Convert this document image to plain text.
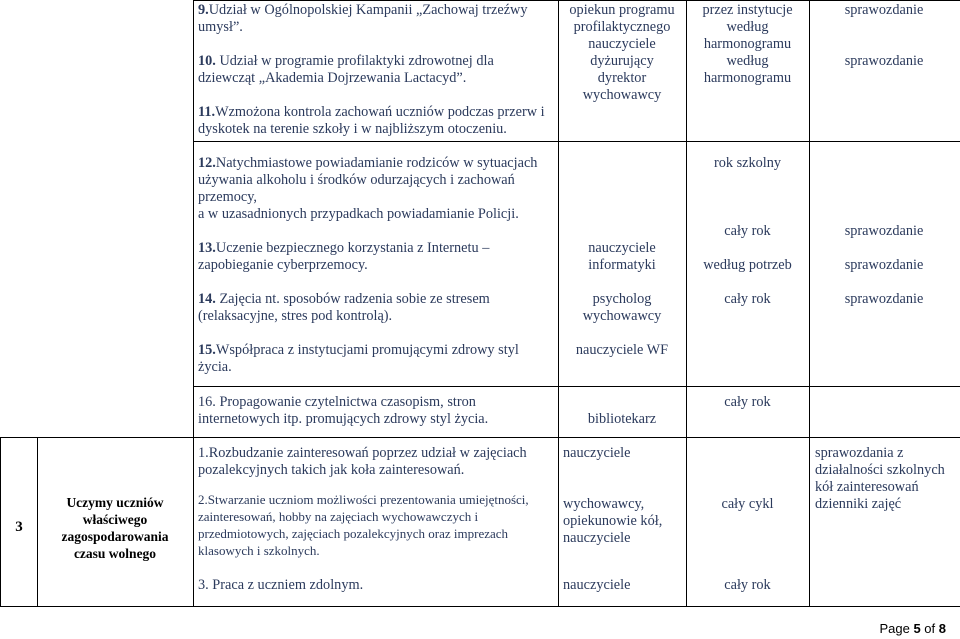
9.Udział w Ogólnopolskiej Kampanii „Zachowaj trzeźwy umysł”.

10. Udział w programie profilaktyki zdrowotnej dla dziewcząt „Akademia Dojrzewania Lactacyd”.

11.Wzmożona kontrola zachowań uczniów podczas przerw i dyskotek na terenie szkoły i w najbliższym otoczeniu.

opiekun programu profilaktycznego

nauczyciele dyżurujący

dyrektor wychowawcy

przez instytucje

według harmonogramu

według harmonogramu

sprawozdanie

sprawozdanie

12.Natychmiastowe powiadamianie rodziców w sytuacjach używania alkoholu i środków odurzających i zachowań przemocy,

a w uzasadnionych przypadkach powiadamianie Policji.

13.Uczenie bezpiecznego korzystania z Internetu – zapobieganie cyberprzemocy.

14. Zajęcia nt. sposobów radzenia sobie ze stresem (relaksacyjne, stres pod kontrolą).

15.Współpraca z instytucjami promującymi zdrowy styl życia.

nauczyciele informatyki

psycholog wychowawcy

nauczyciele WF

rok szkolny

cały rok

według potrzeb

cały rok

sprawozdanie

sprawozdanie

sprawozdanie

16. Propagowanie czytelnictwa czasopism, stron internetowych itp. promujących zdrowy styl życia.	bibliotekarz

cały rok

3
Uczymy uczniów właściwego zagospodarowania czasu wolnego

1.Rozbudzanie zainteresowań poprzez udział w zajęciach pozalekcyjnych takich jak koła zainteresowań.

2.Stwarzanie uczniom możliwości prezentowania umiejętności, zainteresowań, hobby na zajęciach wychowawczych i przedmiotowych, zajęciach pozalekcyjnych oraz imprezach klasowych i szkolnych.

3. Praca z uczniem zdolnym.

nauczyciele

wychowawcy, opiekunowie kół, nauczyciele

nauczyciele

cały cykl

cały rok

sprawozdania z działalności szkolnych kół zainteresowań

dzienniki zajęć

Page 5 of 8
